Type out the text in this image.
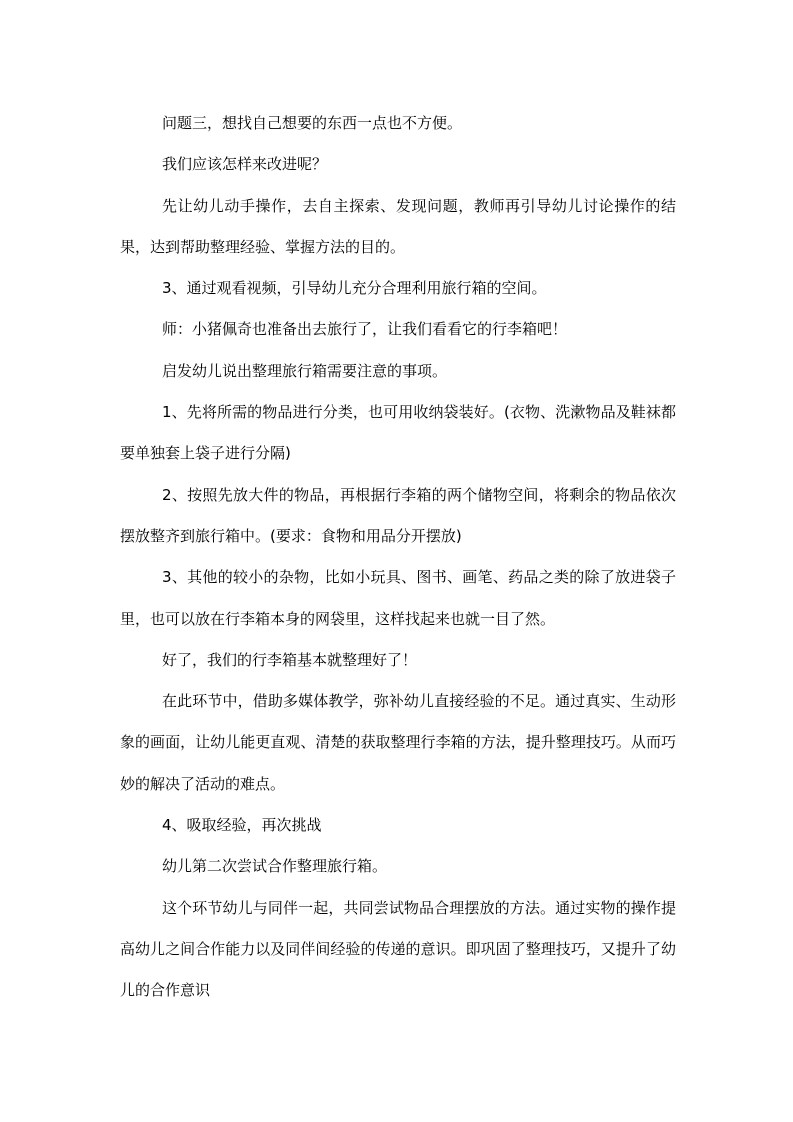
问题三，想找自己想要的东西一点也不方便。

我们应该怎样来改进呢？

先让幼儿动手操作，去自主探索、发现问题，教师再引导幼儿讨论操作的结果，达到帮助整理经验、掌握方法的目的。

3、通过观看视频，引导幼儿充分合理利用旅行箱的空间。

师：小猪佩奇也准备出去旅行了，让我们看看它的行李箱吧！

启发幼儿说出整理旅行箱需要注意的事项。

1、先将所需的物品进行分类，也可用收纳袋装好。(衣物、洗漱物品及鞋袜都要单独套上袋子进行分隔)

2、按照先放大件的物品，再根据行李箱的两个储物空间，将剩余的物品依次摆放整齐到旅行箱中。(要求：食物和用品分开摆放)

3、其他的较小的杂物，比如小玩具、图书、画笔、药品之类的除了放进袋子里，也可以放在行李箱本身的网袋里，这样找起来也就一目了然。

好了，我们的行李箱基本就整理好了！

在此环节中，借助多媒体教学，弥补幼儿直接经验的不足。通过真实、生动形象的画面，让幼儿能更直观、清楚的获取整理行李箱的方法，提升整理技巧。从而巧妙的解决了活动的难点。

4、吸取经验，再次挑战

幼儿第二次尝试合作整理旅行箱。

这个环节幼儿与同伴一起，共同尝试物品合理摆放的方法。通过实物的操作提高幼儿之间合作能力以及同伴间经验的传递的意识。即巩固了整理技巧，又提升了幼儿的合作意识
